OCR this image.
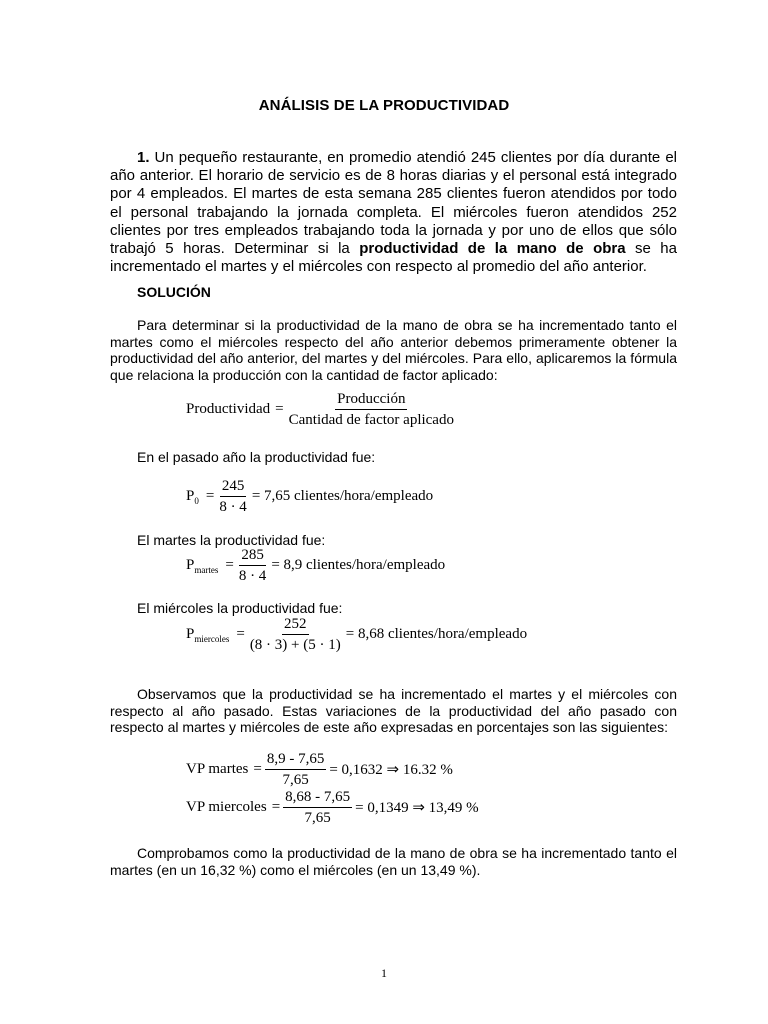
ANÁLISIS DE LA PRODUCTIVIDAD
1. Un pequeño restaurante, en promedio atendió 245 clientes por día durante el año anterior. El horario de servicio es de 8 horas diarias y el personal está integrado por 4 empleados. El martes de esta semana 285 clientes fueron atendidos por todo el personal trabajando la jornada completa. El miércoles fueron atendidos 252 clientes por tres empleados trabajando toda la jornada y por uno de ellos que sólo trabajó 5 horas. Determinar si la productividad de la mano de obra se ha incrementado el martes y el miércoles con respecto al promedio del año anterior.
SOLUCIÓN
Para determinar si la productividad de la mano de obra se ha incrementado tanto el martes como el miércoles respecto del año anterior debemos primeramente obtener la productividad del año anterior, del martes y del miércoles. Para ello, aplicaremos la fórmula que relaciona la producción con la cantidad de factor aplicado:
Productividad = $\frac{\text{Producción}}{\text{Cantidad de factor aplicado}}$
En el pasado año la productividad fue:
P $0 = \frac{245}{8 \cdot 4} = 7,65$ clientes/hora/empleado
El martes la productividad fue:
P martes = $\frac{285}{8 \cdot 4} = 8,9$ clientes/hora/empleado
El miércoles la productividad fue:
P miercoles = $\frac{252}{(8 \cdot 3) + (5 \cdot 1)} = 8,68$ clientes/hora/empleado
Observamos que la productividad se ha incrementado el martes y el miércoles con respecto al año pasado. Estas variaciones de la productividad del año pasado con respecto al martes y miércoles de este año expresadas en porcentajes son las siguientes:
VP martes = $\frac{8,9 - 7,65}{7,65} = 0,1632$ ⇒ 16.32 %
VP miercoles = $\frac{8,68 - 7,65}{7,65} = 0,1349$ ⇒ 13,49 %
Comprobamos como la productividad de la mano de obra se ha incrementado tanto el martes (en un 16,32 %) como el miércoles (en un 13,49 %).
1
